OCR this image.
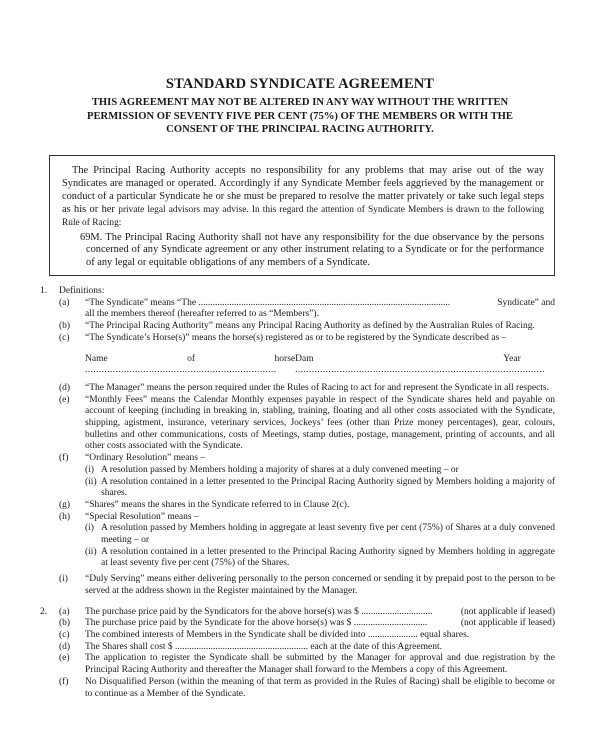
STANDARD SYNDICATE AGREEMENT
THIS AGREEMENT MAY NOT BE ALTERED IN ANY WAY WITHOUT THE WRITTEN
PERMISSION OF SEVENTY FIVE PER CENT (75%) OF THE MEMBERS OR WITH THE
CONSENT OF THE PRINCIPAL RACING AUTHORITY.

The Principal Racing Authority accepts no responsibility for any problems that may arise out of the way Syndicates are managed or operated. Accordingly if any Syndicate Member feels aggrieved by the management or conduct of a particular Syndicate he or she must be prepared to resolve the matter privately or take such legal steps as his or her private legal advisors may advise. In this regard the attention of Syndicate Members is drawn to the following Rule of Racing:

69M. The Principal Racing Authority shall not have any responsibility for the due observance by the persons concerned of any Syndicate agreement or any other instrument relating to a Syndicate or for the performance of any legal or equitable obligations of any members of a Syndicate.

1. Definitions:

(a) “The Syndicate” means “The ..........................................................................................................	Syndicate” and
all the members thereof (hereafter referred to as “Members”).
(b) “The Principal Racing Authority” means any Principal Racing Authority as defined by the Australian Rules of Racing.
(c) “The Syndicate’s Horse(s)” means the horse(s) registered as or to be registered by the Syndicate described as –
Name of horse .....................................................................
Dam ...........................................................................
Year ...............
(d) “The Manager” means the person required under the Rules of Racing to act for and represent the Syndicate in all respects.
(e) “Monthly Fees” means the Calendar Monthly expenses payable in respect of the Syndicate shares held and payable on account of keeping (including in breaking in, stabling, training, floating and all other costs associated with the Syndicate, shipping, agistment, insurance, veterinary services, Jockeys’ fees (other than Prize money percentages), gear, colours, bulletins and other communications, costs of Meetings, stamp duties, postage, management, printing of accounts, and all other costs associated with the Syndicate.
(f) “Ordinary Resolution” means –
(i) A resolution passed by Members holding a majority of shares at a duly convened meeting – or
(ii) A resolution contained in a letter presented to the Principal Racing Authority signed by Members holding a majority of shares.
(g) “Shares” means the shares in the Syndicate referred to in Clause 2(c).
(h) “Special Resolution” means –
(i) A resolution passed by Members holding in aggregate at least seventy five per cent (75%) of Shares at a duly convened meeting – or
(ii) A resolution contained in a letter presented to the Principal Racing Authority signed by Members holding in aggregate at least seventy five per cent (75%) of the Shares.
(i) “Duly Serving” means either delivering personally to the person concerned or sending it by prepaid post to the person to be served at the address shown in the Register maintained by the Manager.
2. (a) The purchase price paid by the Syndicators for the above horse(s) was $ ..............................	(not applicable if leased)
(b) The purchase price paid by the Syndicate for the above horse(s) was $ ...............................	(not applicable if leased)
(c) The combined interests of Members in the Syndicate shall be divided into ..................... equal shares.
(d) The Shares shall cost $ ........................................................ each at the date of this Agreement.
(e) The application to register the Syndicate shall be submitted by the Manager for approval and due registration by the Principal Racing Authority and thereafter the Manager shall forward to the Members a copy of this Agreement.
(f) No Disqualified Person (within the meaning of that term as provided in the Rules of Racing) shall be eligible to become or to continue as a Member of the Syndicate.
